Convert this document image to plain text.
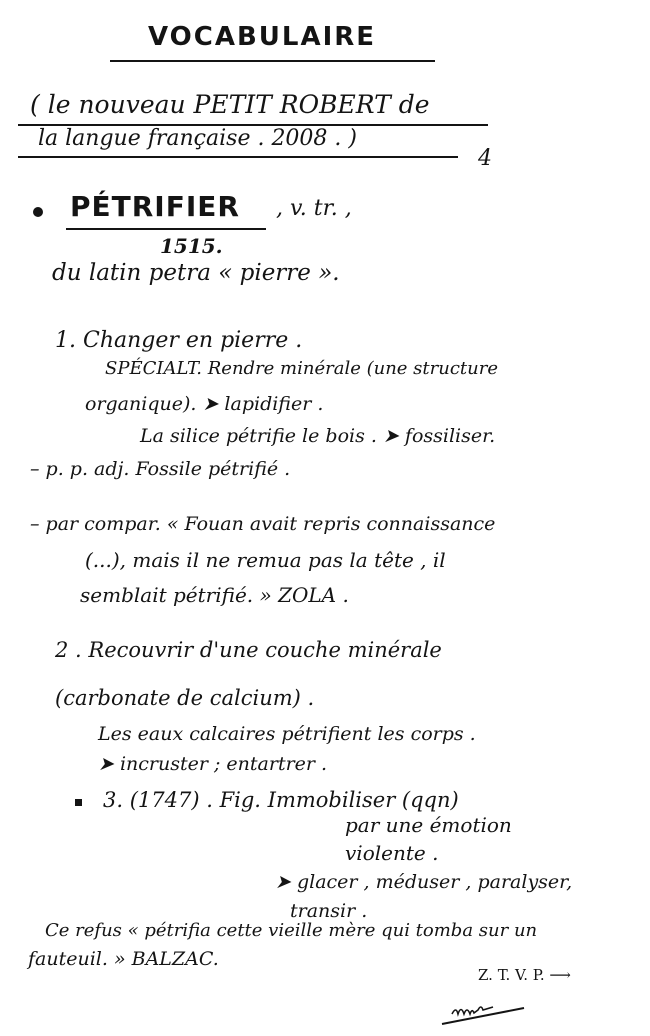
VOCABULAIRE
( le nouveau PETIT ROBERT de
la langue française . 2008 . )
4
PÉTRIFIER , v. tr. ,
1515.
du latin petra « pierre ».
1. Changer en pierre .
SPÉCIALT. Rendre minérale (une structure
organique). ➤ lapidifier .
La silice pétrifie le bois . ➤ fossiliser.
– p. p. adj. Fossile pétrifié .
– par compar. « Fouan avait repris connaissance
(...), mais il ne remua pas la tête , il
semblait pétrifié. » ZOLA .
2 . Recouvrir d'une couche minérale
(carbonate de calcium) .
Les eaux calcaires pétrifient les corps .
➤ incruster ; entartrer .
3. (1747) . Fig. Immobiliser (qqn)
par une émotion
violente .
➤ glacer , méduser , paralyser,
transir .
Ce refus « pétrifia cette vieille mère qui tomba sur un
fauteuil. » BALZAC.
Z. T. V. P. ⟶
